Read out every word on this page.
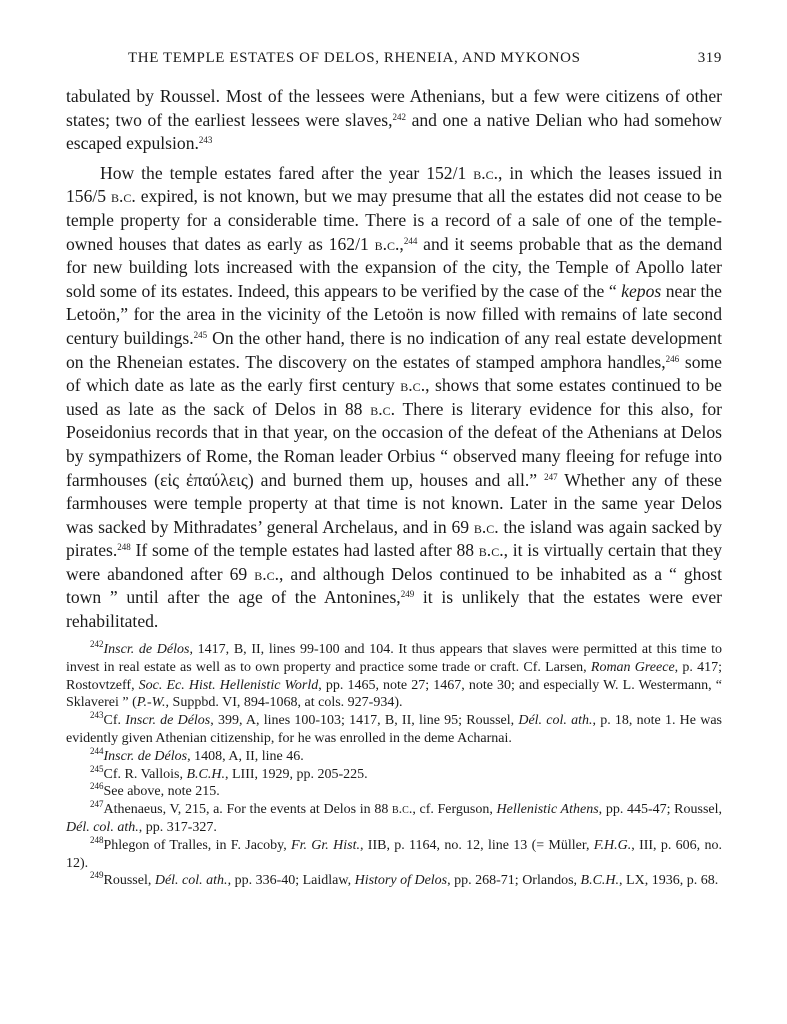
THE TEMPLE ESTATES OF DELOS, RHENEIA, AND MYKONOS	319

tabulated by Roussel. Most of the lessees were Athenians, but a few were citizens of other states; two of the earliest lessees were slaves,$^{242}$ and one a native Delian who had somehow escaped expulsion.$^{243}$

How the temple estates fared after the year 152/1 b.c., in which the leases issued in 156/5 b.c. expired, is not known, but we may presume that all the estates did not cease to be temple property for a considerable time. There is a record of a sale of one of the temple-owned houses that dates as early as 162/1 b.c.,$^{244}$ and it seems probable that as the demand for new building lots increased with the expansion of the city, the Temple of Apollo later sold some of its estates. Indeed, this appears to be verified by the case of the “ kepos near the Letoön,” for the area in the vicinity of the Letoön is now filled with remains of late second century buildings.$^{245}$ On the other hand, there is no indication of any real estate development on the Rheneian estates. The discovery on the estates of stamped amphora handles,$^{246}$ some of which date as late as the early first century b.c., shows that some estates continued to be used as late as the sack of Delos in 88 b.c. There is literary evidence for this also, for Poseidonius records that in that year, on the occasion of the defeat of the Athenians at Delos by sympathizers of Rome, the Roman leader Orbius “ observed many fleeing for refuge into farmhouses (εἰς ἐπαύλεις) and burned them up, houses and all.” $^{247}$ Whether any of these farmhouses were temple property at that time is not known. Later in the same year Delos was sacked by Mithradates’ general Archelaus, and in 69 b.c. the island was again sacked by pirates.$^{248}$ If some of the temple estates had lasted after 88 b.c., it is virtually certain that they were abandoned after 69 b.c., and although Delos continued to be inhabited as a “ ghost town ” until after the age of the Antonines,$^{249}$ it is unlikely that the estates were ever rehabilitated.

$^{242}$Inscr. de Délos, 1417, B, II, lines 99-100 and 104. It thus appears that slaves were permitted at this time to invest in real estate as well as to own property and practice some trade or craft. Cf. Larsen, Roman Greece, p. 417; Rostovtzeff, Soc. Ec. Hist. Hellenistic World, pp. 1465, note 27; 1467, note 30; and especially W. L. Westermann, “ Sklaverei ” (P.-W., Suppbd. VI, 894-1068, at cols. 927-934).

$^{243}$Cf. Inscr. de Délos, 399, A, lines 100-103; 1417, B, II, line 95; Roussel, Dél. col. ath., p. 18, note 1. He was evidently given Athenian citizenship, for he was enrolled in the deme Acharnai.

$^{244}$Inscr. de Délos, 1408, A, II, line 46.

$^{245}$Cf. R. Vallois, B.C.H., LIII, 1929, pp. 205-225.

$^{246}$See above, note 215.

$^{247}$Athenaeus, V, 215, a. For the events at Delos in 88 b.c., cf. Ferguson, Hellenistic Athens, pp. 445-47; Roussel, Dél. col. ath., pp. 317-327.

$^{248}$Phlegon of Tralles, in F. Jacoby, Fr. Gr. Hist., IIB, p. 1164, no. 12, line 13 (= Müller, F.H.G., III, p. 606, no. 12).

$^{249}$Roussel, Dél. col. ath., pp. 336-40; Laidlaw, History of Delos, pp. 268-71; Orlandos, B.C.H., LX, 1936, p. 68.
